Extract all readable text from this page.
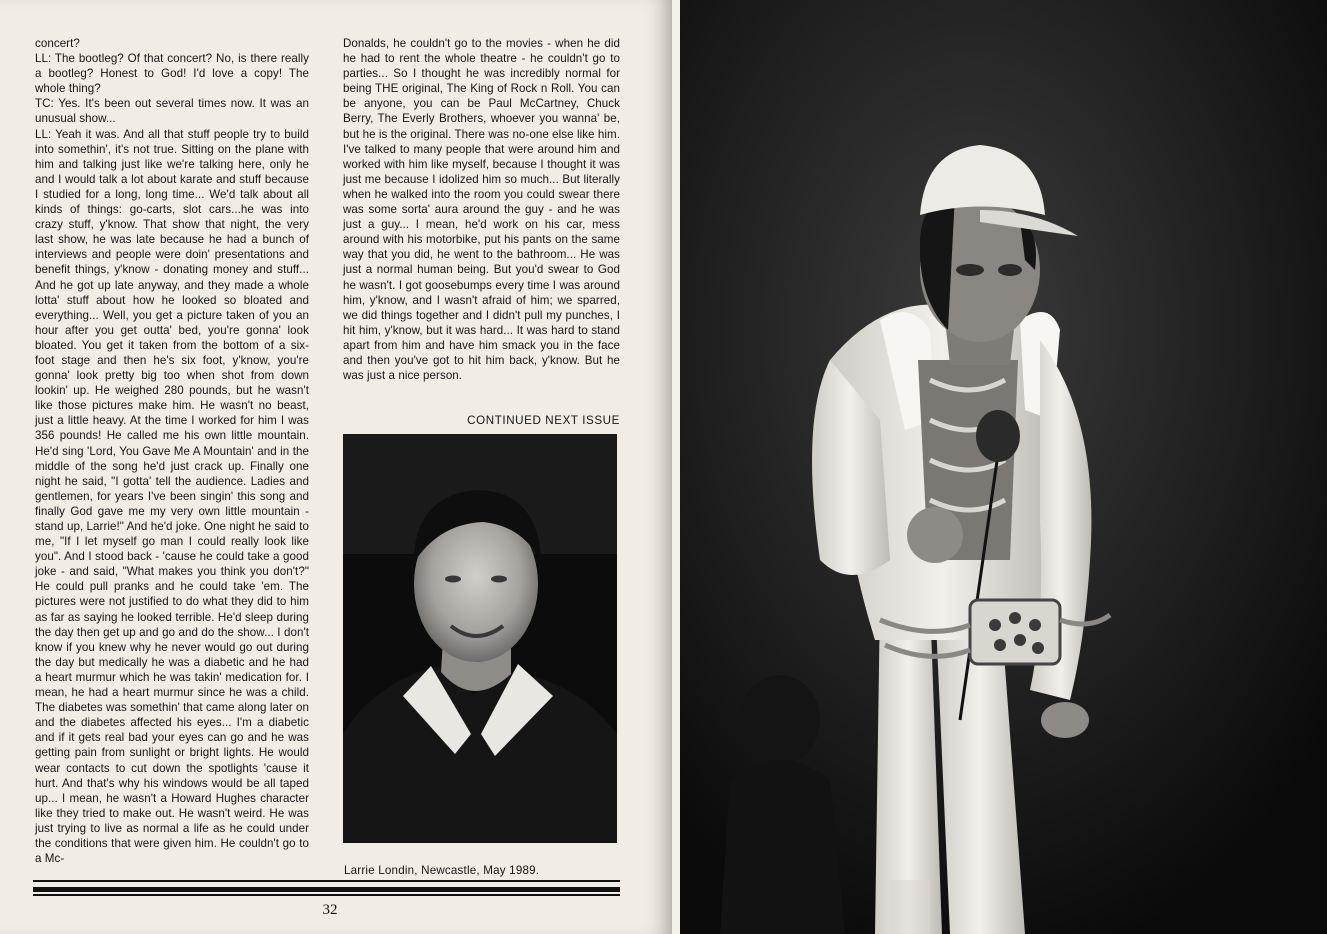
concert?

LL: The bootleg? Of that concert? No, is there really a bootleg? Honest to God! I'd love a copy! The whole thing?

TC: Yes. It's been out several times now. It was an unusual show...

LL: Yeah it was. And all that stuff people try to build into somethin', it's not true. Sitting on the plane with him and talking just like we're talking here, only he and I would talk a lot about karate and stuff because I studied for a long, long time... We'd talk about all kinds of things: go-carts, slot cars...he was into crazy stuff, y'know. That show that night, the very last show, he was late because he had a bunch of interviews and people were doin' presentations and benefit things, y'know - donating money and stuff... And he got up late anyway, and they made a whole lotta' stuff about how he looked so bloated and everything... Well, you get a picture taken of you an hour after you get outta' bed, you're gonna' look bloated. You get it taken from the bottom of a six-foot stage and then he's six foot, y'know, you're gonna' look pretty big too when shot from down lookin' up. He weighed 280 pounds, but he wasn't like those pictures make him. He wasn't no beast, just a little heavy. At the time I worked for him I was 356 pounds! He called me his own little mountain. He'd sing 'Lord, You Gave Me A Mountain' and in the middle of the song he'd just crack up. Finally one night he said, "I gotta' tell the audience. Ladies and gentlemen, for years I've been singin' this song and finally God gave me my very own little mountain - stand up, Larrie!" And he'd joke. One night he said to me, "If I let myself go man I could really look like you". And I stood back - 'cause he could take a good joke - and said, "What makes you think you don't?" He could pull pranks and he could take 'em. The pictures were not justified to do what they did to him as far as saying he looked terrible. He'd sleep during the day then get up and go and do the show... I don't know if you knew why he never would go out during the day but medically he was a diabetic and he had a heart murmur which he was takin' medication for. I mean, he had a heart murmur since he was a child. The diabetes was somethin' that came along later on and the diabetes affected his eyes... I'm a diabetic and if it gets real bad your eyes can go and he was getting pain from sunlight or bright lights. He would wear contacts to cut down the spotlights 'cause it hurt. And that's why his windows would be all taped up... I mean, he wasn't a Howard Hughes character like they tried to make out. He wasn't weird. He was just trying to live as normal a life as he could under the conditions that were given him. He couldn't go to a Mc-

Donalds, he couldn't go to the movies - when he did he had to rent the whole theatre - he couldn't go to parties... So I thought he was incredibly normal for being THE original, The King of Rock n Roll. You can be anyone, you can be Paul McCartney, Chuck Berry, The Everly Brothers, whoever you wanna' be, but he is the original. There was no-one else like him. I've talked to many people that were around him and worked with him like myself, because I thought it was just me because I idolized him so much... But literally when he walked into the room you could swear there was some sorta' aura around the guy - and he was just a guy... I mean, he'd work on his car, mess around with his motorbike, put his pants on the same way that you did, he went to the bathroom... He was just a normal human being. But you'd swear to God he wasn't. I got goosebumps every time I was around him, y'know, and I wasn't afraid of him; we sparred, we did things together and I didn't pull my punches, I hit him, y'know, but it was hard... It was hard to stand apart from him and have him smack you in the face and then you've got to hit him back, y'know. But he was just a nice person.

CONTINUED NEXT ISSUE
Larrie Londin, Newcastle, May 1989.
32
